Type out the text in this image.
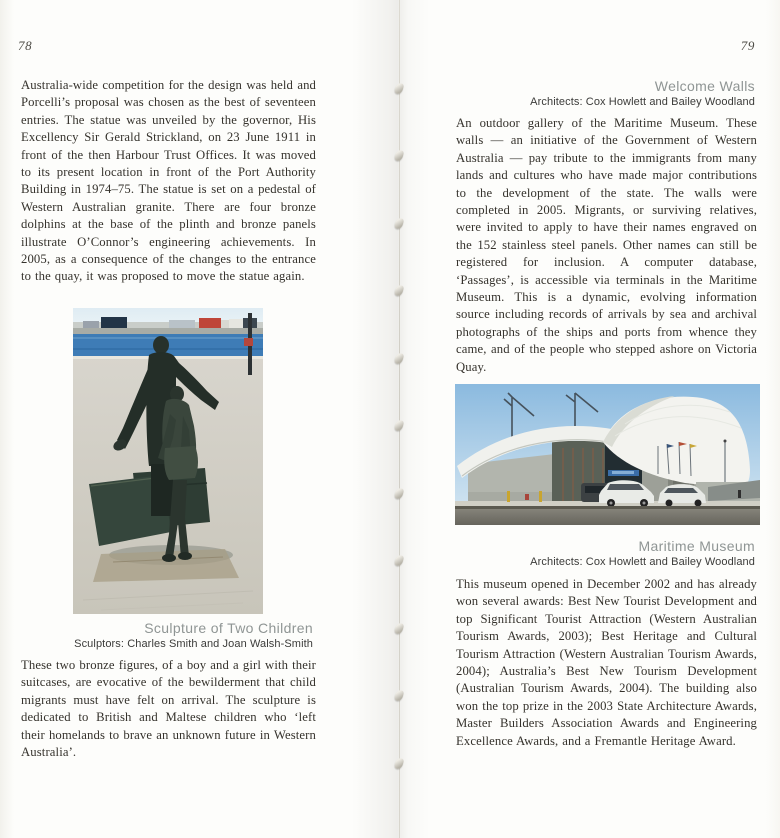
78

Australia-wide competition for the design was held and Porcelli’s proposal was chosen as the best of seventeen entries. The statue was unveiled by the governor, His Excellency Sir Gerald Strickland, on 23 June 1911 in front of the then Harbour Trust Offices. It was moved to its present location in front of the Port Authority Building in 1974–75. The statue is set on a pedestal of Western Australian granite. There are four bronze dolphins at the base of the plinth and bronze panels illustrate O’Connor’s engineering achievements. In 2005, as a consequence of the changes to the entrance to the quay, it was proposed to move the statue again.

Sculpture of Two Children
Sculptors: Charles Smith and Joan Walsh-Smith

These two bronze figures, of a boy and a girl with their suitcases, are evocative of the bewilderment that child migrants must have felt on arrival. The sculpture is dedicated to British and Maltese children who ‘left their homelands to brave an unknown future in Western Australia’.

79
Welcome Walls
Architects: Cox Howlett and Bailey Woodland

An outdoor gallery of the Maritime Museum. These walls — an initiative of the Government of Western Australia — pay tribute to the immigrants from many lands and cultures who have made major contributions to the development of the state. The walls were completed in 2005. Migrants, or surviving relatives, were invited to apply to have their names engraved on the 152 stainless steel panels. Other names can still be registered for inclusion. A computer database, ‘Passages’, is accessible via terminals in the Maritime Museum. This is a dynamic, evolving information source including records of arrivals by sea and archival photographs of the ships and ports from whence they came, and of the people who stepped ashore on Victoria Quay.

Maritime Museum
Architects: Cox Howlett and Bailey Woodland

This museum opened in December 2002 and has already won several awards: Best New Tourist Development and top Significant Tourist Attraction (Western Australian Tourism Awards, 2003); Best Heritage and Cultural Tourism Attraction (Western Australian Tourism Awards, 2004); Australia’s Best New Tourism Development (Australian Tourism Awards, 2004). The building also won the top prize in the 2003 State Architecture Awards, Master Builders Association Awards and Engineering Excellence Awards, and a Fremantle Heritage Award.
